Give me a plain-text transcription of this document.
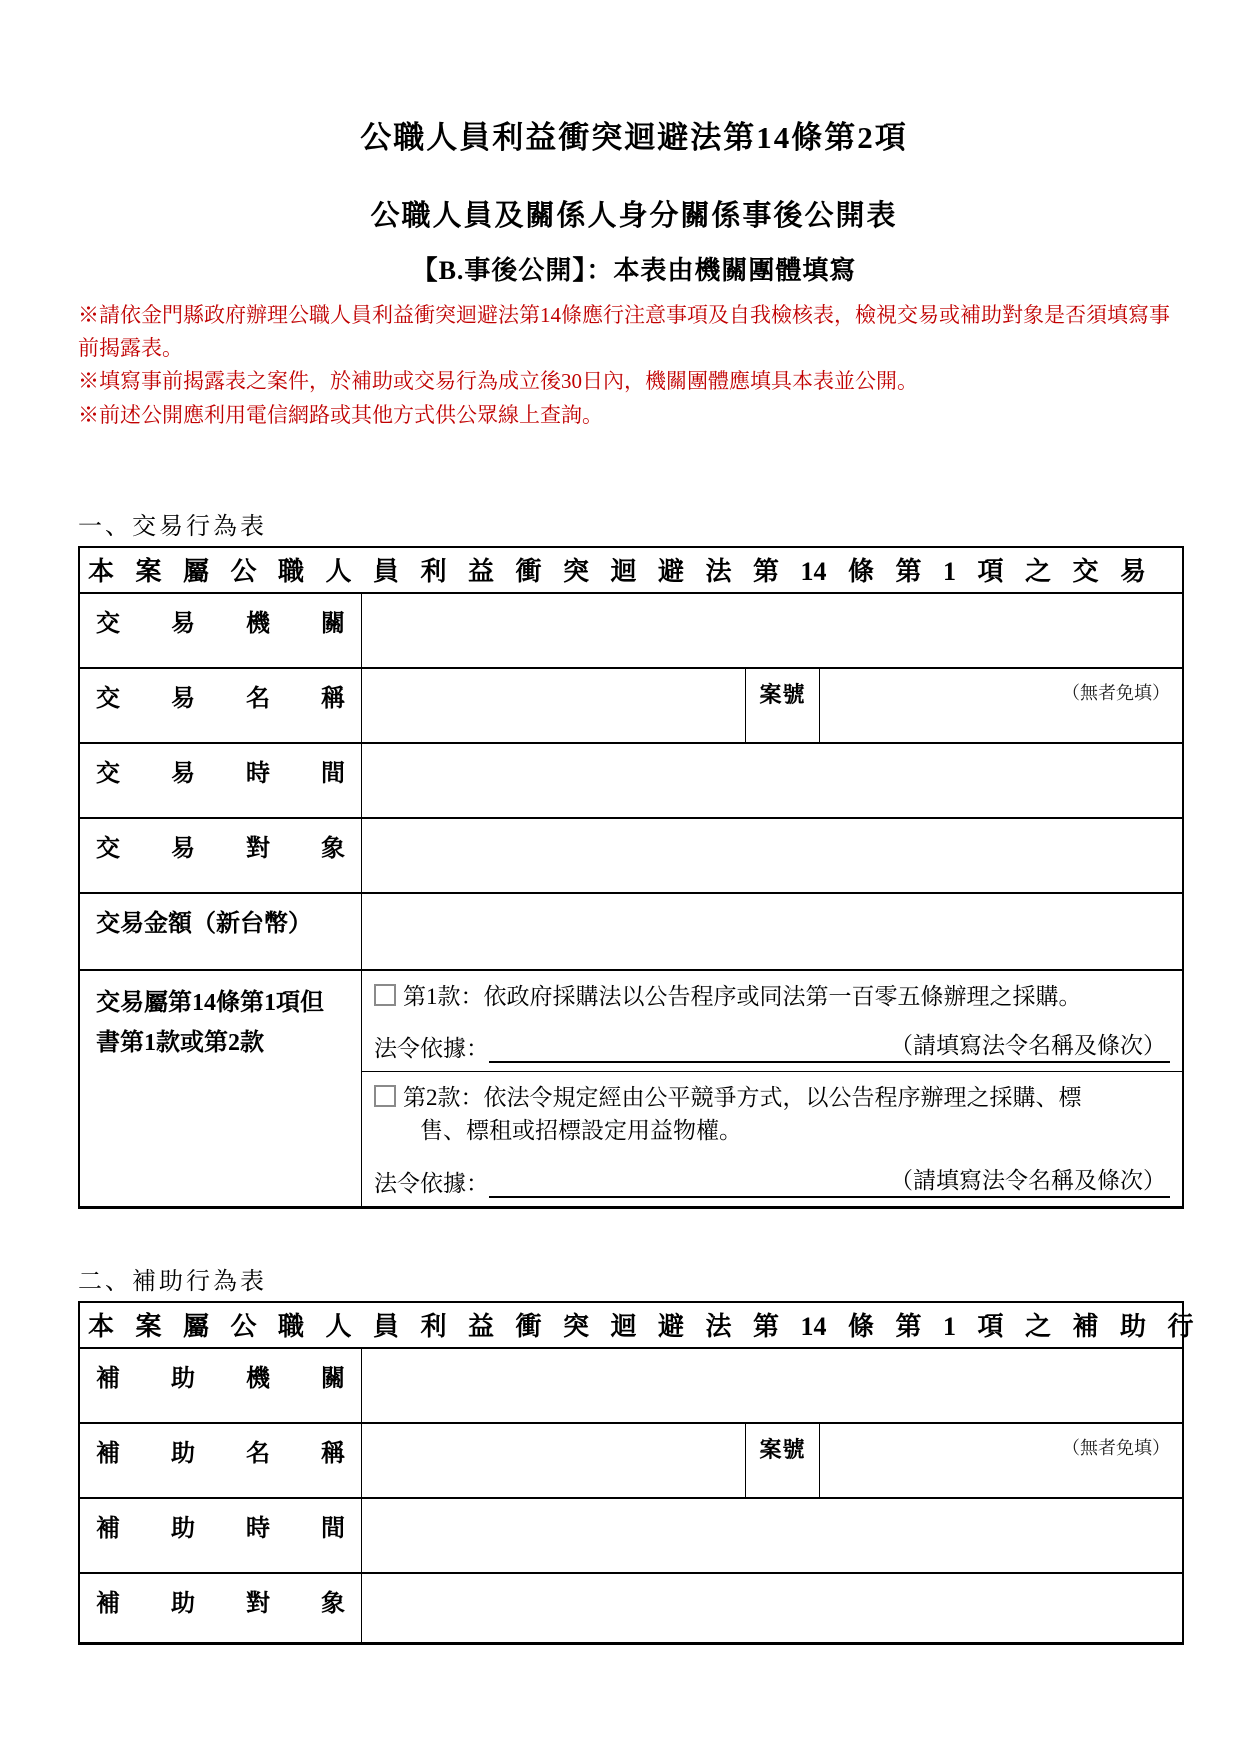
公職人員利益衝突迴避法第14條第2項
公職人員及關係人身分關係事後公開表
【B.事後公開】：本表由機關團體填寫

※請依金門縣政府辦理公職人員利益衝突迴避法第14條應行注意事項及自我檢核表，檢視交易或補助對象是否須填寫事前揭露表。

※填寫事前揭露表之案件，於補助或交易行為成立後30日內，機關團體應填具本表並公開。

※前述公開應利用電信網路或其他方式供公眾線上查詢。

一、交易行為表
本 案 屬 公 職 人 員 利 益 衝 突 迴 避 法 第 14 條 第 1 項 之 交 易
交易機關
交易名稱	案號	（無者免填）
交易時間
交易對象
交易金額（新台幣）
交易屬第14條第1項但書第1款或第2款
第1款：依政府採購法以公告程序或同法第一百零五條辦理之採購。
法令依據：	（請填寫法令名稱及條次）
第2款：依法令規定經由公平競爭方式，以公告程序辦理之採購、標
售、標租或招標設定用益物權。
法令依據：	（請填寫法令名稱及條次）
二、補助行為表
本 案 屬 公 職 人 員 利 益 衝 突 迴 避 法 第 14 條 第 1 項 之 補 助 行
補助機關
補助名稱	案號	（無者免填）
補助時間
補助對象
